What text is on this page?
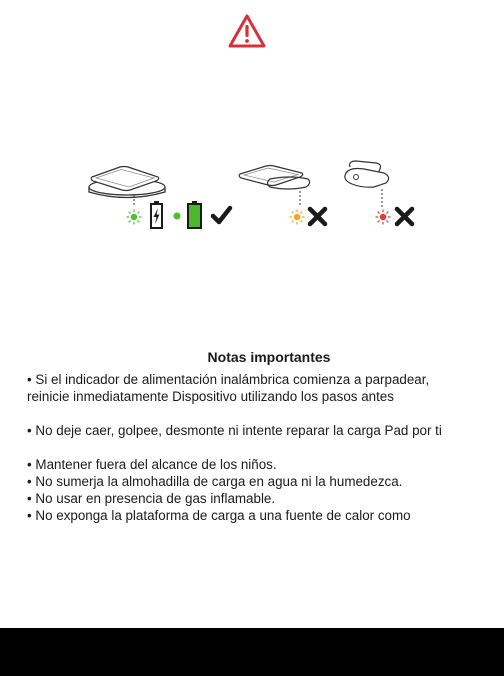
Notas importantes

• Si el indicador de alimentación inalámbrica comienza a parpadear,

reinicie inmediatamente Dispositivo utilizando los pasos antes

• No deje caer, golpee, desmonte ni intente reparar la carga Pad por ti

• Mantener fuera del alcance de los niños.

• No sumerja la almohadilla de carga en agua ni la humedezca.

• No usar en presencia de gas inflamable.

• No exponga la plataforma de carga a una fuente de calor como
